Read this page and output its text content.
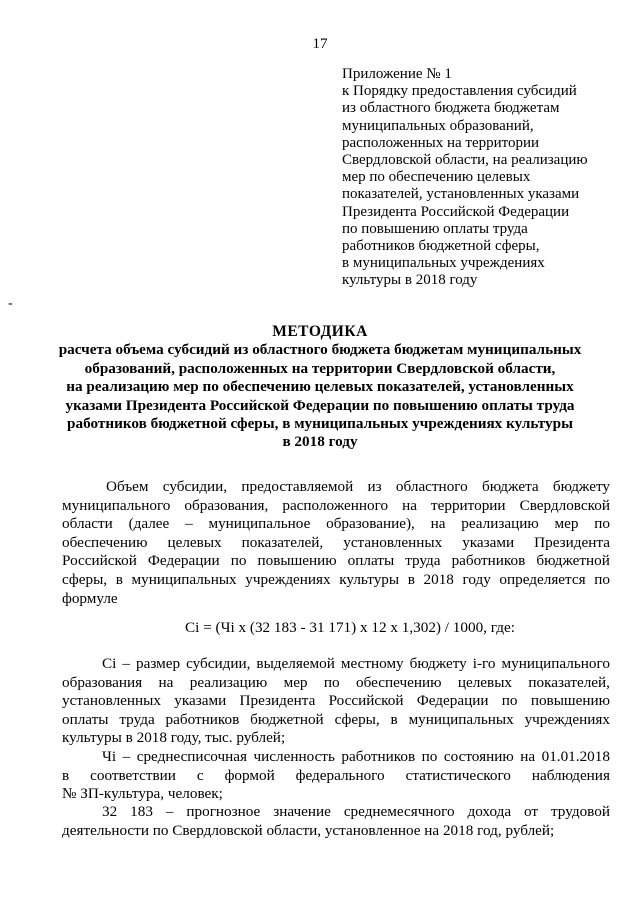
17
Приложение № 1
к Порядку предоставления субсидий
из областного бюджета бюджетам
муниципальных образований,
расположенных на территории
Свердловской области, на реализацию
мер по обеспечению целевых
показателей, установленных указами
Президента Российской Федерации
по повышению оплаты труда
работников бюджетной сферы,
в муниципальных учреждениях
культуры в 2018 году
-
МЕТОДИКА
расчета объема субсидий из областного бюджета бюджетам муниципальных
образований, расположенных на территории Свердловской области,
на реализацию мер по обеспечению целевых показателей, установленных
указами Президента Российской Федерации по повышению оплаты труда
работников бюджетной сферы, в муниципальных учреждениях культуры
в 2018 году
Объем субсидии, предоставляемой из областного бюджета бюджету
муниципального образования, расположенного на территории Свердловской
области (далее – муниципальное образование), на реализацию мер по
обеспечению целевых показателей, установленных указами Президента
Российской Федерации по повышению оплаты труда работников бюджетной
сферы, в муниципальных учреждениях культуры в 2018 году определяется по
формуле
Сi = (Чi x (32 183 - 31 171) x 12 x 1,302) / 1000, где:
Сi – размер субсидии, выделяемой местному бюджету i-го муниципального
образования на реализацию мер по обеспечению целевых показателей,
установленных указами Президента Российской Федерации по повышению
оплаты труда работников бюджетной сферы, в муниципальных учреждениях
культуры в 2018 году, тыс. рублей;
Чi – среднесписочная численность работников по состоянию на 01.01.2018
в соответствии с формой федерального статистического наблюдения
№ ЗП-культура, человек;
32 183 – прогнозное значение среднемесячного дохода от трудовой
деятельности по Свердловской области, установленное на 2018 год, рублей;
